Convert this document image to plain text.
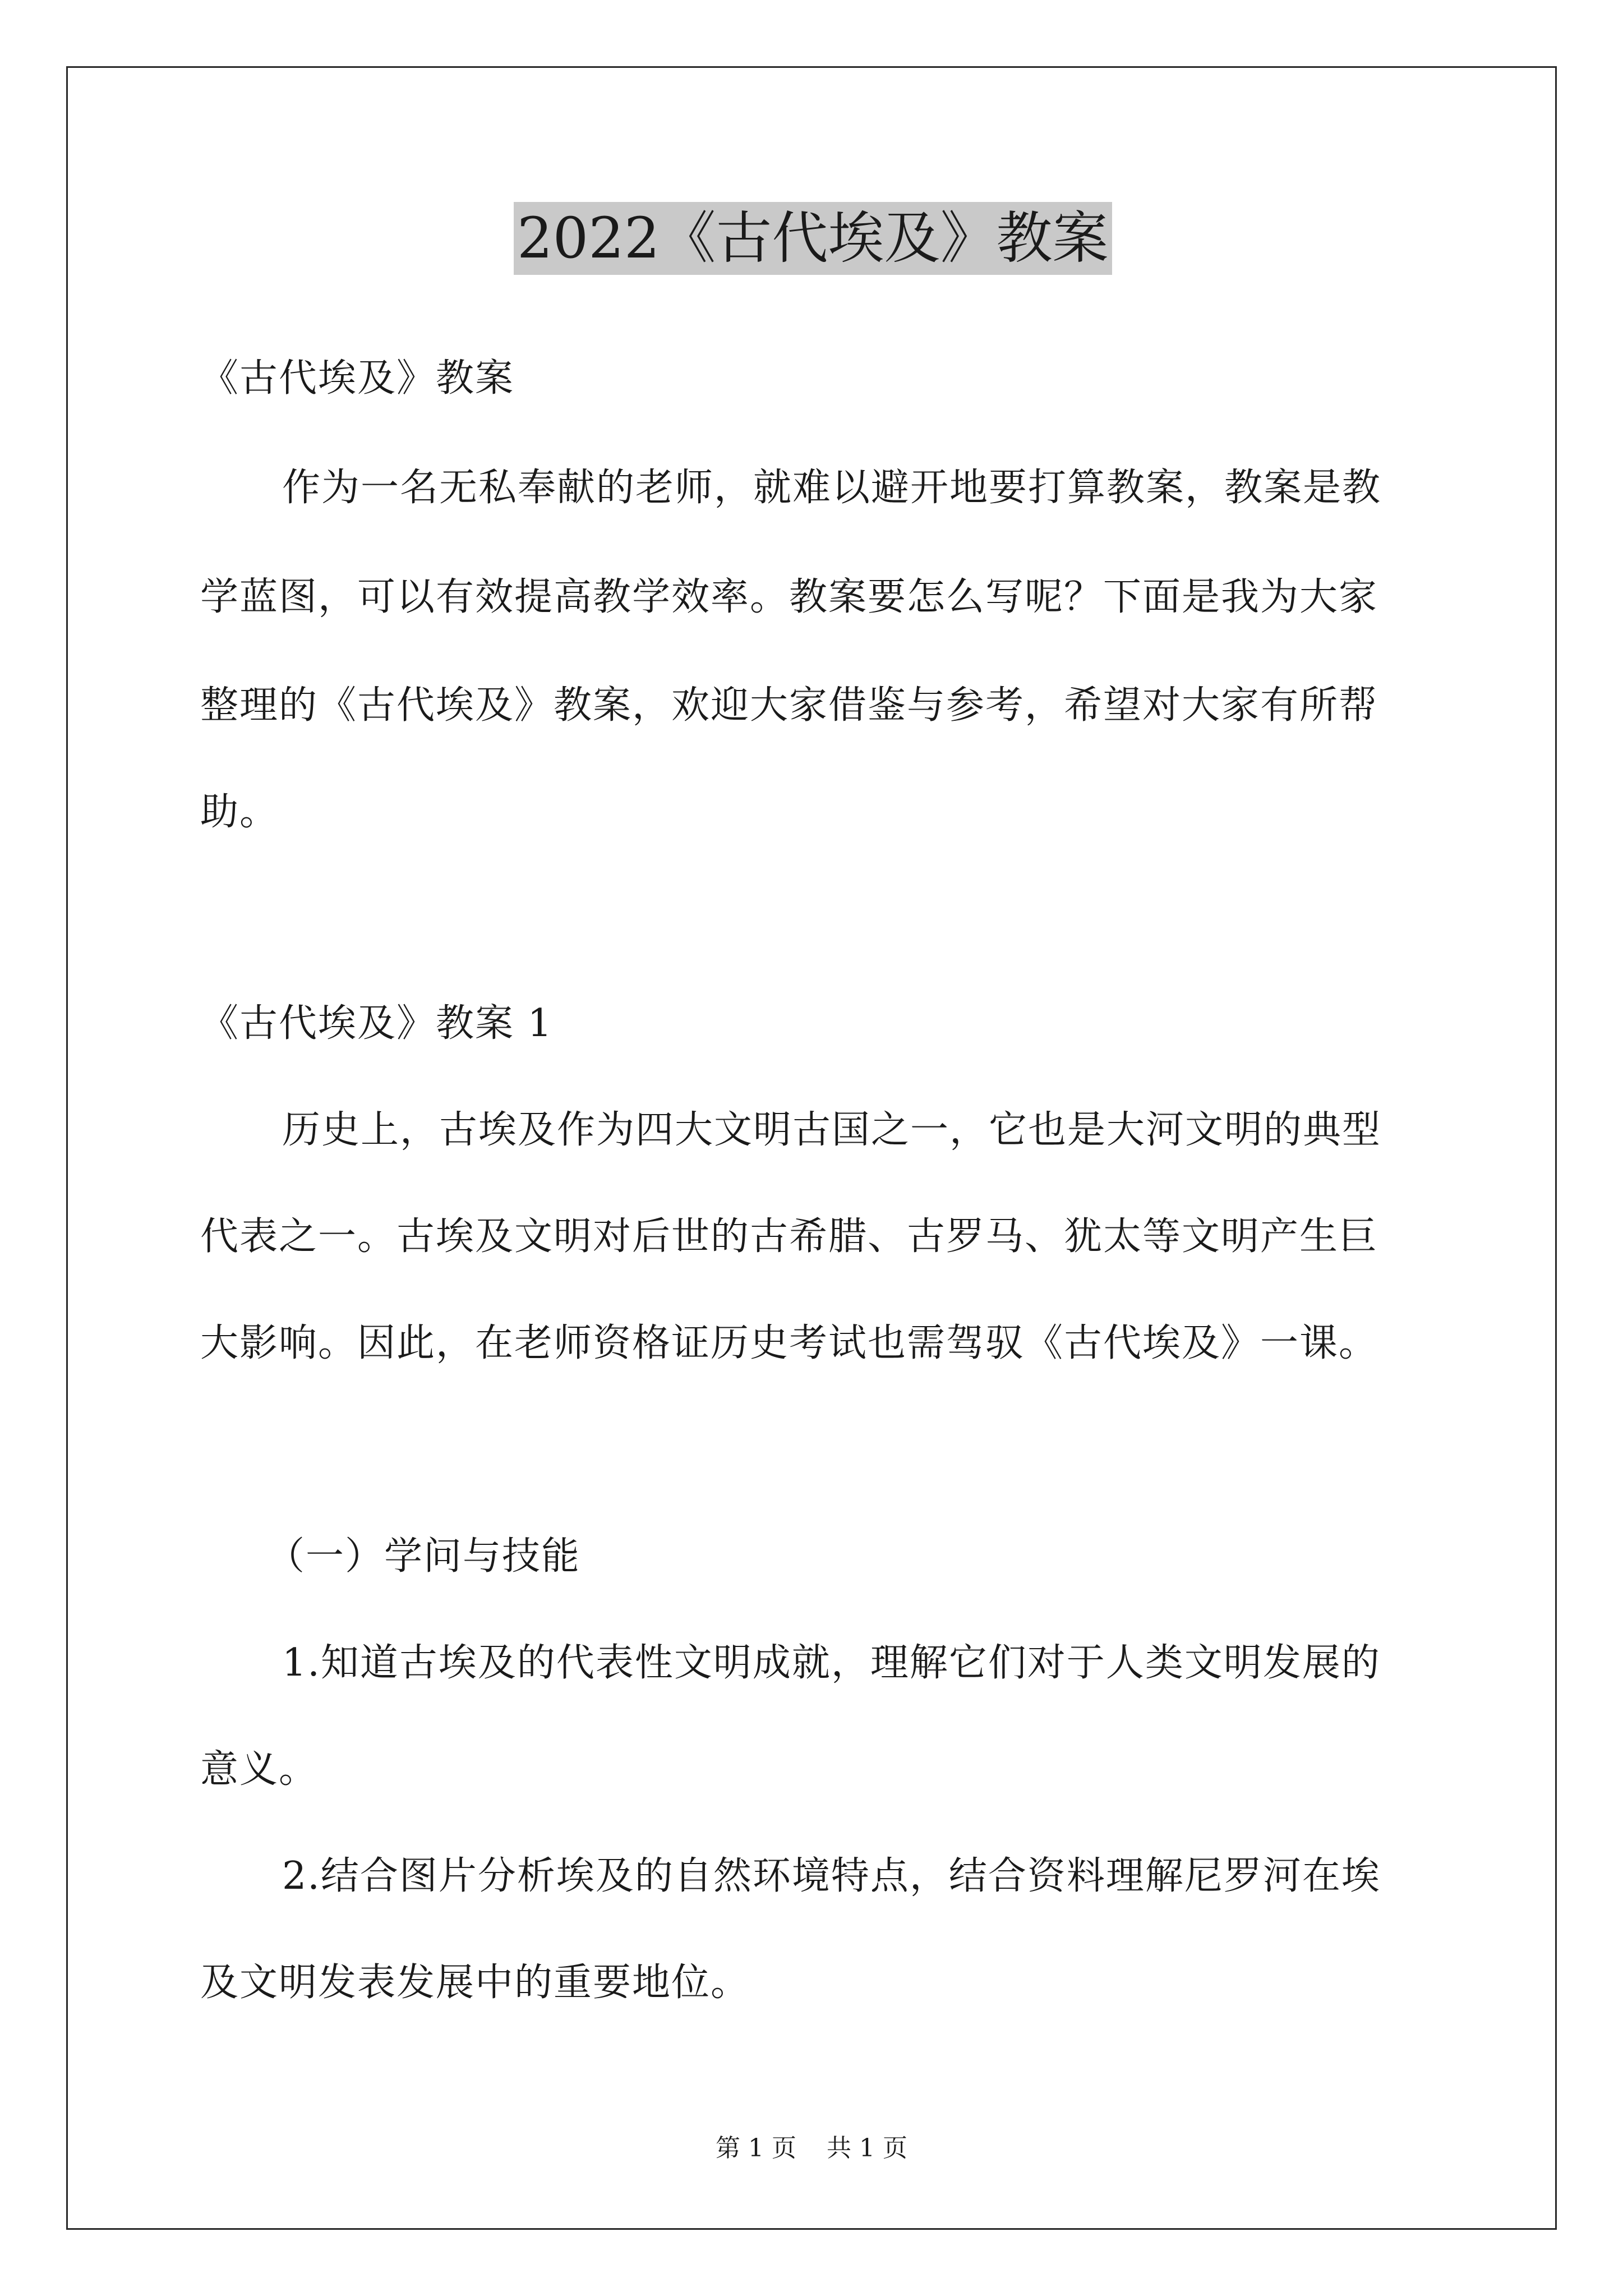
2022《古代埃及》教案
《古代埃及》教案
作为一名无私奉献的老师，就难以避开地要打算教案，教案是教
学蓝图，可以有效提高教学效率。教案要怎么写呢？下面是我为大家
整理的《古代埃及》教案，欢迎大家借鉴与参考，希望对大家有所帮
助。
《古代埃及》教案 1
历史上，古埃及作为四大文明古国之一，它也是大河文明的典型
代表之一。古埃及文明对后世的古希腊、古罗马、犹太等文明产生巨
大影响。因此，在老师资格证历史考试也需驾驭《古代埃及》一课。
（一）学问与技能
1.知道古埃及的代表性文明成就，理解它们对于人类文明发展的
意义。
2.结合图片分析埃及的自然环境特点，结合资料理解尼罗河在埃
及文明发表发展中的重要地位。
第 1 页 共 1 页
